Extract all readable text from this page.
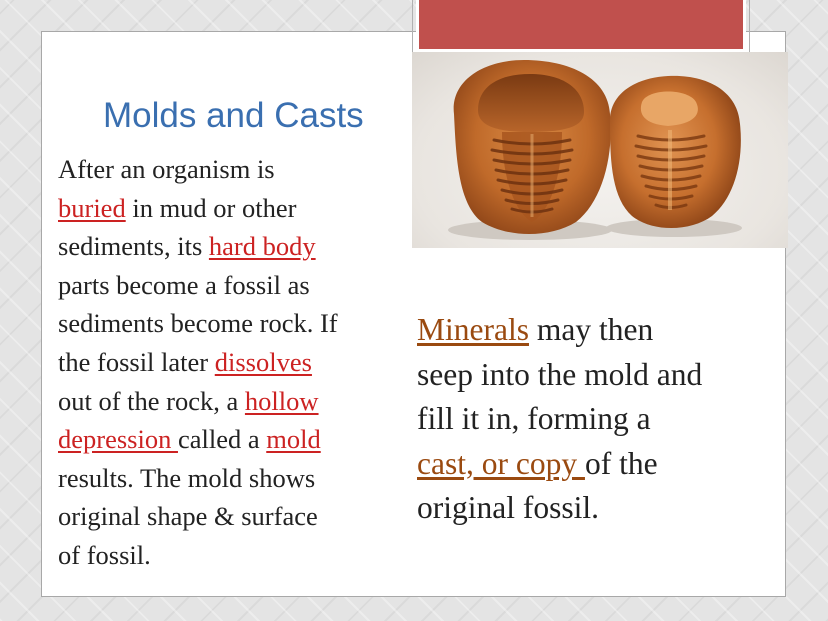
Molds and Casts
After an organism is
buried in mud or other
sediments, its hard body
parts become a fossil as
sediments become rock. If
the fossil later dissolves
out of the rock, a hollow
depression called a mold
results. The mold shows
original shape & surface
of fossil.
Minerals may then
seep into the mold and
fill it in, forming a
cast, or copy of the
original fossil.
